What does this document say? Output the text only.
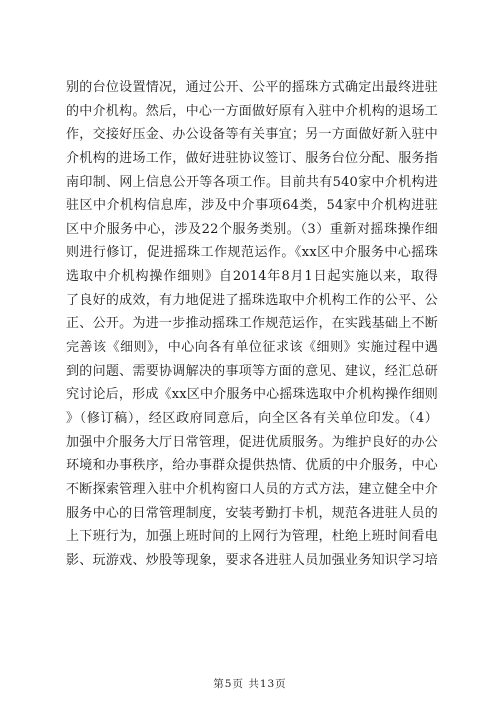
别的台位设置情况，通过公开、公平的摇珠方式确定出最终进驻
的中介机构。然后，中心一方面做好原有入驻中介机构的退场工
作，交接好压金、办公设备等有关事宜；另一方面做好新入驻中
介机构的进场工作，做好进驻协议签订、服务台位分配、服务指
南印制、网上信息公开等各项工作。目前共有540家中介机构进
驻区中介机构信息库，涉及中介事项64类，54家中介机构进驻
区中介服务中心，涉及22个服务类别。（3）重新对摇珠操作细
则进行修订，促进摇珠工作规范运作。《xx区中介服务中心摇珠
选取中介机构操作细则》自2014年8月1日起实施以来，取得
了良好的成效，有力地促进了摇珠选取中介机构工作的公平、公
正、公开。为进一步推动摇珠工作规范运作，在实践基础上不断
完善该《细则》，中心向各有单位征求该《细则》实施过程中遇
到的问题、需要协调解决的事项等方面的意见、建议，经汇总研
究讨论后，形成《xx区中介服务中心摇珠选取中介机构操作细则
》（修订稿），经区政府同意后，向全区各有关单位印发。（4）
加强中介服务大厅日常管理，促进优质服务。为维护良好的办公
环境和办事秩序，给办事群众提供热情、优质的中介服务，中心
不断探索管理入驻中介机构窗口人员的方式方法，建立健全中介
服务中心的日常管理制度，安装考勤打卡机，规范各进驻人员的
上下班行为，加强上班时间的上网行为管理，杜绝上班时间看电
影、玩游戏、炒股等现象，要求各进驻人员加强业务知识学习培
第5页 共13页
